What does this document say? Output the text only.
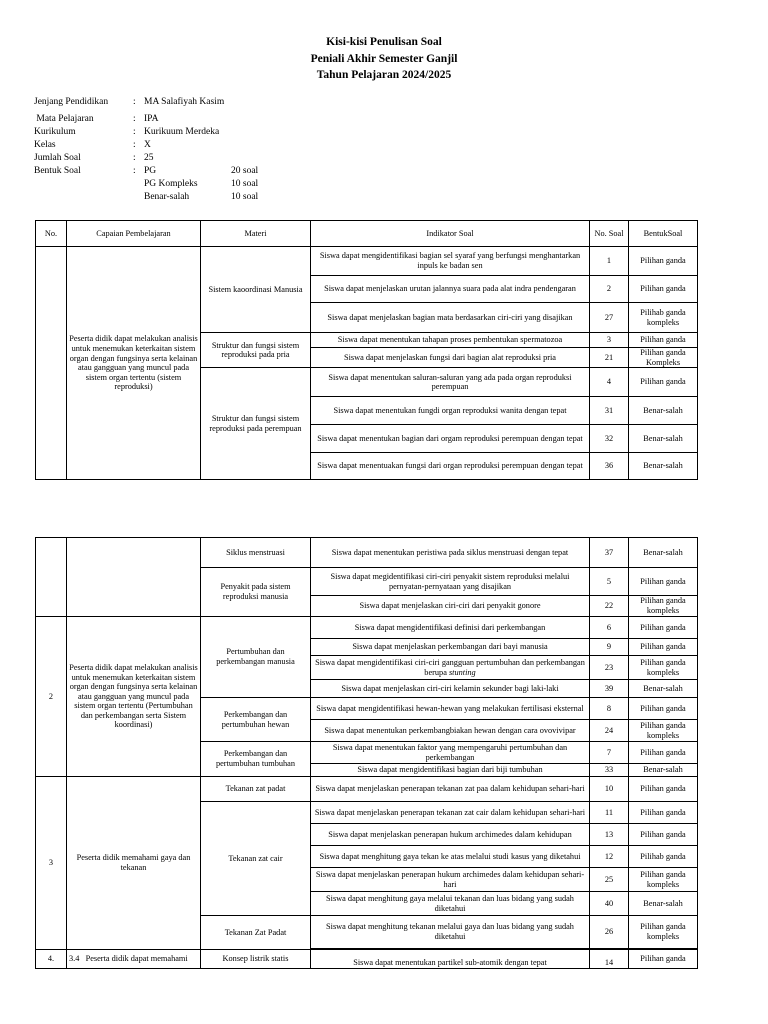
Kisi-kisi Penulisan Soal
Peniali Akhir Semester Ganjil
Tahun Pelajaran 2024/2025
Jenjang Pendidikan	: MA Salafiyah Kasim
Mata Pelajaran	: IPA
Kurikulum	: Kurikuum Merdeka
Kelas	: X
Jumlah Soal	: 25
Bentuk Soal	: PG	20 soal
PG Kompleks	10 soal
Benar-salah	10 soal
No.	Capaian Pembelajaran	Materi	Indikator Soal	No. Soal	BentukSoal
	Peserta didik dapat melakukan analisis untuk menemukan keterkaitan sistem organ dengan fungsinya serta kelainan atau gangguan yang muncul pada sistem organ tertentu (sistem reproduksi)	Sistem kaoordinasi Manusia	Siswa dapat mengidentifikasi bagian sel syaraf yang berfungsi menghantarkan inpuls ke badan sen	1	Pilihan ganda
			Siswa dapat menjelaskan urutan jalannya suara pada alat indra pendengaran	2	Pilihan ganda
			Siswa dapat menjelaskan bagian mata berdasarkan ciri-ciri yang disajikan	27	Pilihab ganda kompleks
		Struktur dan fungsi sistem reproduksi pada pria	Siswa dapat menentukan tahapan proses pembentukan spermatozoa	3	Pilihan ganda
			Siswa dapat menjelaskan fungsi dari bagian alat reproduksi pria	21	Pilihan ganda Kompleks
		Struktur dan fungsi sistem reproduksi pada perempuan	Siswa dapat menentukan saluran-saluran yang ada pada organ reproduksi perempuan	4	Pilihan ganda
			Siswa dapat menentukan fungdi organ reproduksi wanita dengan tepat	31	Benar-salah
			Siswa dapat menentukan bagian dari orgam reproduksi perempuan dengan tepat	32	Benar-salah
			Siswa dapat menentuakan fungsi dari organ reproduksi perempuan dengan tepat	36	Benar-salah
		Siklus menstruasi	Siswa dapat menentukan peristiwa pada siklus menstruasi dengan tepat	37	Benar-salah
		Penyakit pada sistem reproduksi manusia	Siswa dapat megidentifikasi ciri-ciri penyakit sistem reproduksi melalui pernyatan-pernyataan yang disajikan	5	Pilihan ganda
			Siswa dapat menjelaskan ciri-ciri dari penyakit gonore	22	Pilihan ganda kompleks
2	Peserta didik dapat melakukan analisis untuk menemukan keterkaitan sistem organ dengan fungsinya serta kelainan atau gangguan yang muncul pada sistem organ tertentu (Pertumbuhan dan perkembangan serta Sistem koordinasi)	Pertumbuhan dan perkembangan manusia	Siswa dapat mengidentifikasi definisi dari perkembangan	6	Pilihan ganda
			Siswa dapat menjelaskan perkembangan dari bayi manusia	9	Pilihan ganda
			Siswa dapat mengidentifikasi ciri-ciri gangguan pertumbuhan dan perkembangan berupa stunting	23	Pilihan ganda kompleks
			Siswa dapat menjelaskan ciri-ciri kelamin sekunder bagi laki-laki	39	Benar-salah
		Perkembangan dan pertumbuhan hewan	Siswa dapat mengidentifikasi hewan-hewan yang melakukan fertilisasi eksternal	8	Pilihan ganda
			Siswa dapat menentukan perkembangbiakan hewan dengan cara ovovivipar	24	Pilihan ganda kompleks
		Perkembangan dan pertumbuhan tumbuhan	Siswa dapat menentukan faktor yang mempengaruhi pertumbuhan dan perkembangan	7	Pilihan ganda
			Siswa dapat mengidentifikasi bagian dari biji tumbuhan	33	Benar-salah
3	Peserta didik memahami gaya dan tekanan	Tekanan zat padat	Siswa dapat menjelaskan penerapan tekanan zat paa dalam kehidupan sehari-hari	10	Pilihan ganda
		Tekanan zat cair	Siswa dapat menjelaskan penerapan tekanan zat cair dalam kehidupan sehari-hari	11	Pilihan ganda
			Siswa dapat menjelaskan penerapan hukum archimedes dalam kehidupan	13	Pilihan ganda
			Siswa dapat menghitung gaya tekan ke atas melalui studi kasus yang diketahui	12	Pilihab ganda
			Siswa dapat menjelaskan penerapan hukum archimedes dalam kehidupan sehari-hari	25	Pilihan ganda kompleks
			Siswa dapat menghitung gaya melalui tekanan dan luas bidang yang sudah diketahui	40	Benar-salah
		Tekanan Zat Padat	Siswa dapat menghitung tekanan melalui gaya dan luas bidang yang sudah diketahui	26	Pilihan ganda kompleks

4.	3.4   Peserta didik dapat memahami	Konsep listrik statis	Siswa dapat menentukan partikel sub-atomik dengan tepat	14	Pilihan ganda
